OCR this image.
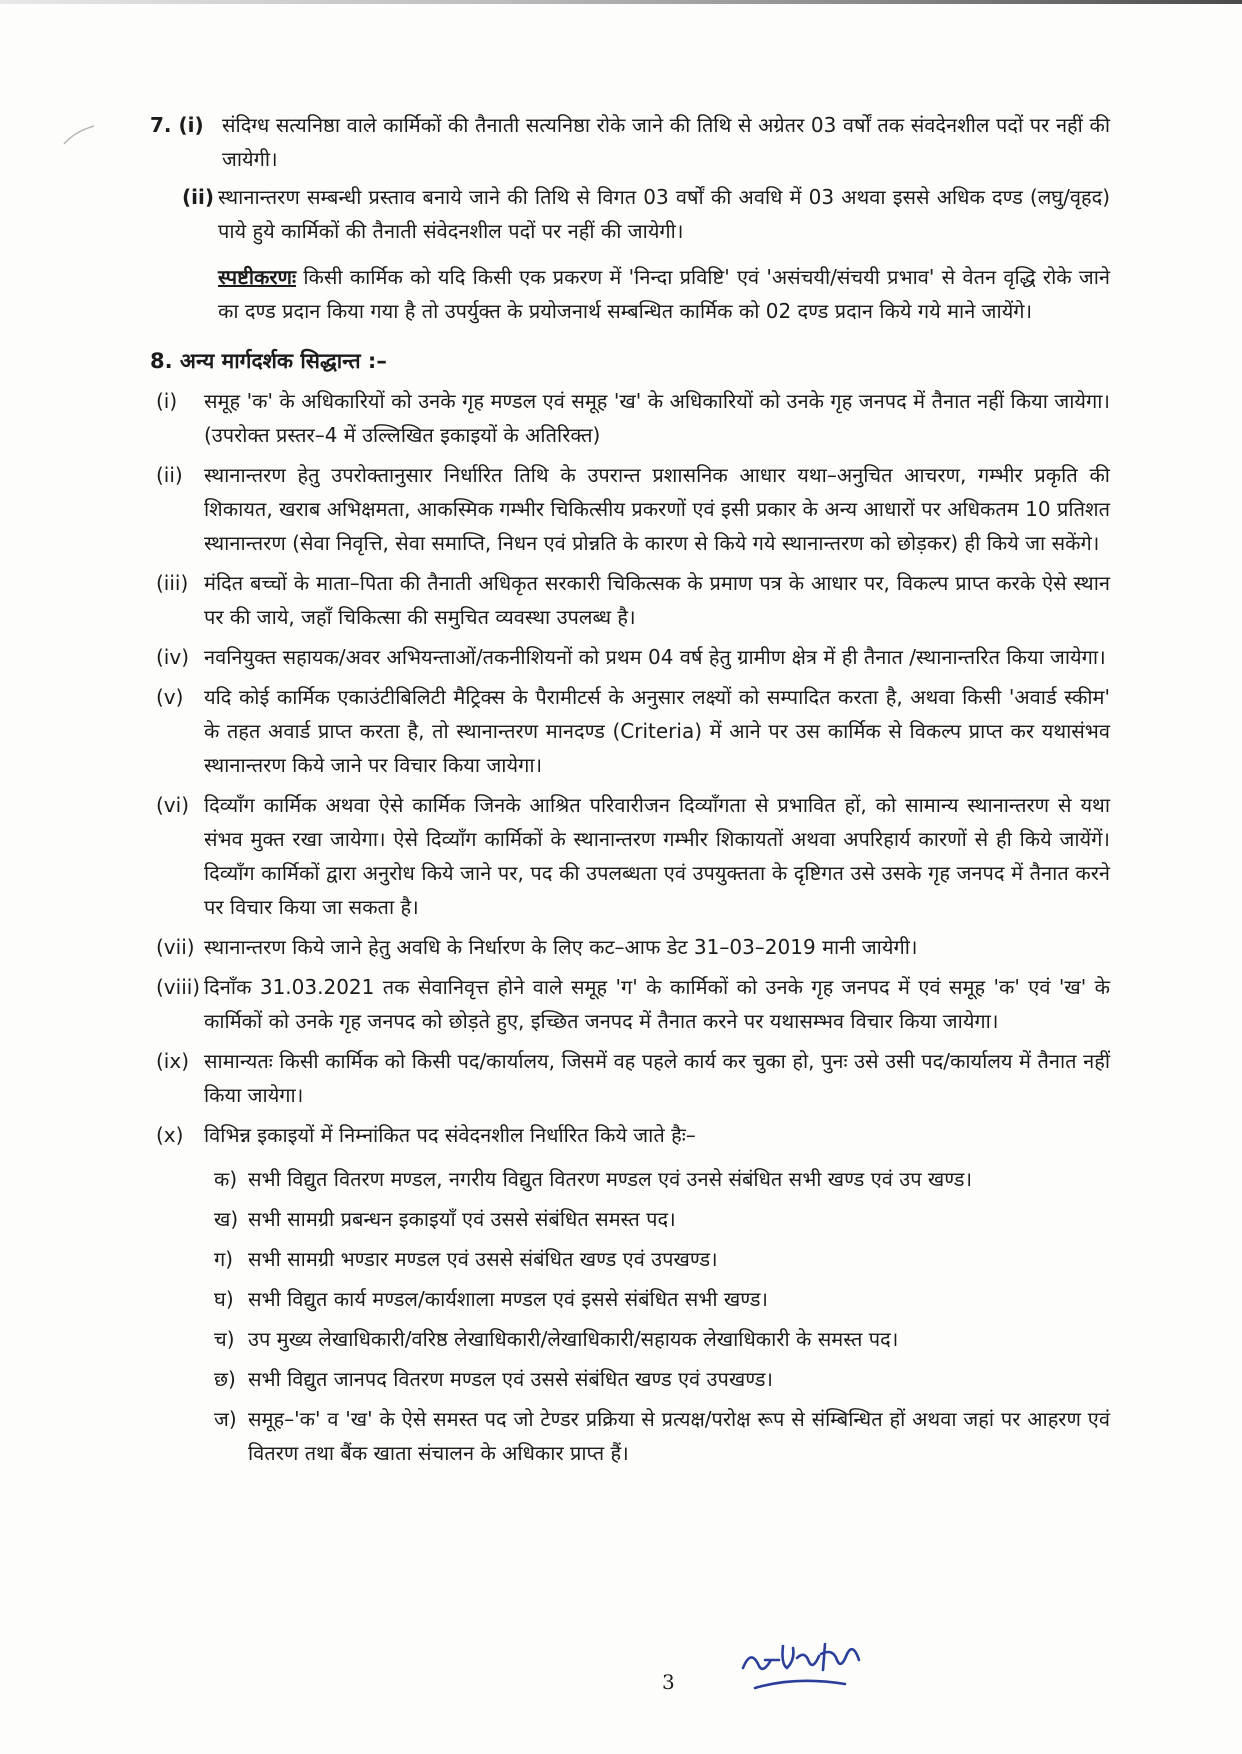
7. (i) संदिग्ध सत्यनिष्ठा वाले कार्मिकों की तैनाती सत्यनिष्ठा रोके जाने की तिथि से अग्रेतर 03 वर्षों तक संवदेनशील पदों पर नहीं की जायेगी।
(ii) स्थानान्तरण सम्बन्धी प्रस्ताव बनाये जाने की तिथि से विगत 03 वर्षों की अवधि में 03 अथवा इससे अधिक दण्ड (लघु/वृहद) पाये हुये कार्मिकों की तैनाती संवेदनशील पदों पर नहीं की जायेगी।
स्पष्टीकरणः किसी कार्मिक को यदि किसी एक प्रकरण में 'निन्दा प्रविष्टि' एवं 'असंचयी/संचयी प्रभाव' से वेतन वृद्धि रोके जाने का दण्ड प्रदान किया गया है तो उपर्युक्त के प्रयोजनार्थ सम्बन्धित कार्मिक को 02 दण्ड प्रदान किये गये माने जायेंगे।
8. अन्य मार्गदर्शक सिद्धान्त :–
(i) समूह 'क' के अधिकारियों को उनके गृह मण्डल एवं समूह 'ख' के अधिकारियों को उनके गृह जनपद में तैनात नहीं किया जायेगा। (उपरोक्त प्रस्तर–4 में उल्लिखित इकाइयों के अतिरिक्त)
(ii) स्थानान्तरण हेतु उपरोक्तानुसार निर्धारित तिथि के उपरान्त प्रशासनिक आधार यथा–अनुचित आचरण, गम्भीर प्रकृति की शिकायत, खराब अभिक्षमता, आकस्मिक गम्भीर चिकित्सीय प्रकरणों एवं इसी प्रकार के अन्य आधारों पर अधिकतम 10 प्रतिशत स्थानान्तरण (सेवा निवृत्ति, सेवा समाप्ति, निधन एवं प्रोन्नति के कारण से किये गये स्थानान्तरण को छोड़कर) ही किये जा सकेंगे।
(iii) मंदित बच्चों के माता–पिता की तैनाती अधिकृत सरकारी चिकित्सक के प्रमाण पत्र के आधार पर, विकल्प प्राप्त करके ऐसे स्थान पर की जाये, जहाँ चिकित्सा की समुचित व्यवस्था उपलब्ध है।
(iv) नवनियुक्त सहायक/अवर अभियन्ताओं/तकनीशियनों को प्रथम 04 वर्ष हेतु ग्रामीण क्षेत्र में ही तैनात /स्थानान्तरित किया जायेगा।
(v) यदि कोई कार्मिक एकाउंटीबिलिटी मैट्रिक्स के पैरामीटर्स के अनुसार लक्ष्यों को सम्पादित करता है, अथवा किसी 'अवार्ड स्कीम' के तहत अवार्ड प्राप्त करता है, तो स्थानान्तरण मानदण्ड (Criteria) में आने पर उस कार्मिक से विकल्प प्राप्त कर यथासंभव स्थानान्तरण किये जाने पर विचार किया जायेगा।
(vi) दिव्याँग कार्मिक अथवा ऐसे कार्मिक जिनके आश्रित परिवारीजन दिव्याँगता से प्रभावित हों, को सामान्य स्थानान्तरण से यथा संभव मुक्त रखा जायेगा। ऐसे दिव्याँग कार्मिकों के स्थानान्तरण गम्भीर शिकायतों अथवा अपरिहार्य कारणों से ही किये जायेंगें। दिव्याँग कार्मिकों द्वारा अनुरोध किये जाने पर, पद की उपलब्धता एवं उपयुक्तता के दृष्टिगत उसे उसके गृह जनपद में तैनात करने पर विचार किया जा सकता है।
(vii) स्थानान्तरण किये जाने हेतु अवधि के निर्धारण के लिए कट–आफ डेट 31–03–2019 मानी जायेगी।
(viii) दिनाँक 31.03.2021 तक सेवानिवृत्त होने वाले समूह 'ग' के कार्मिकों को उनके गृह जनपद में एवं समूह 'क' एवं 'ख' के कार्मिकों को उनके गृह जनपद को छोड़ते हुए, इच्छित जनपद में तैनात करने पर यथासम्भव विचार किया जायेगा।
(ix) सामान्यतः किसी कार्मिक को किसी पद/कार्यालय, जिसमें वह पहले कार्य कर चुका हो, पुनः उसे उसी पद/कार्यालय में तैनात नहीं किया जायेगा।
(x) विभिन्न इकाइयों में निम्नांकित पद संवेदनशील निर्धारित किये जाते हैः–
क) सभी विद्युत वितरण मण्डल, नगरीय विद्युत वितरण मण्डल एवं उनसे संबंधित सभी खण्ड एवं उप खण्ड।
ख) सभी सामग्री प्रबन्धन इकाइयाँ एवं उससे संबंधित समस्त पद।
ग) सभी सामग्री भण्डार मण्डल एवं उससे संबंधित खण्ड एवं उपखण्ड।
घ) सभी विद्युत कार्य मण्डल/कार्यशाला मण्डल एवं इससे संबंधित सभी खण्ड।
च) उप मुख्य लेखाधिकारी/वरिष्ठ लेखाधिकारी/लेखाधिकारी/सहायक लेखाधिकारी के समस्त पद।
छ) सभी विद्युत जानपद वितरण मण्डल एवं उससे संबंधित खण्ड एवं उपखण्ड।
ज) समूह–'क' व 'ख' के ऐसे समस्त पद जो टेण्डर प्रक्रिया से प्रत्यक्ष/परोक्ष रूप से संम्बिन्धित हों अथवा जहां पर आहरण एवं वितरण तथा बैंक खाता संचालन के अधिकार प्राप्त हैं।
3
